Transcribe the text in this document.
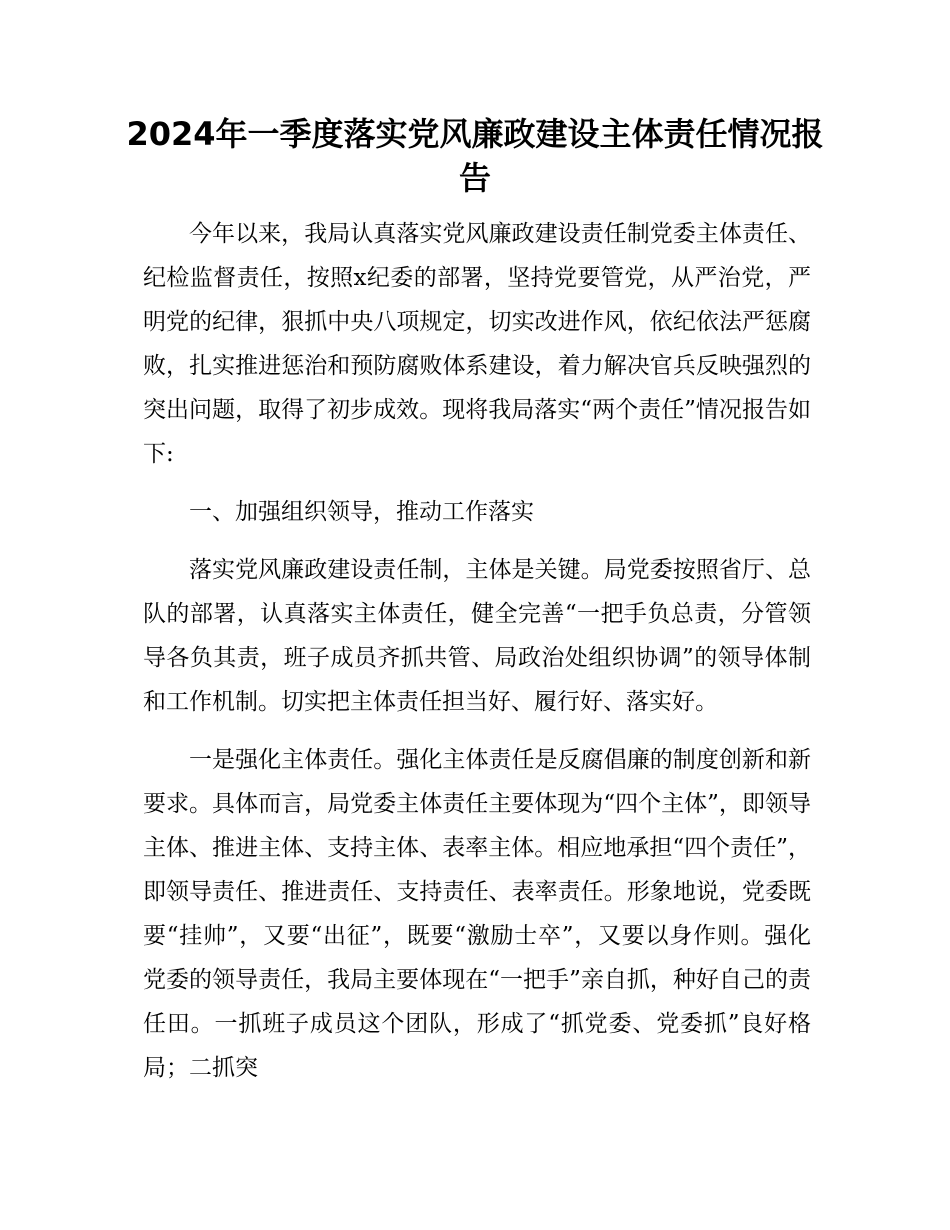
2024年一季度落实党风廉政建设主体责任情况报告

今年以来，我局认真落实党风廉政建设责任制党委主体责任、纪检监督责任，按照x纪委的部署，坚持党要管党，从严治党，严明党的纪律，狠抓中央八项规定，切实改进作风，依纪依法严惩腐败，扎实推进惩治和预防腐败体系建设，着力解决官兵反映强烈的突出问题，取得了初步成效。现将我局落实“两个责任”情况报告如下:

一、加强组织领导，推动工作落实

落实党风廉政建设责任制，主体是关键。局党委按照省厅、总队的部署，认真落实主体责任，健全完善“一把手负总责，分管领导各负其责，班子成员齐抓共管、局政治处组织协调”的领导体制和工作机制。切实把主体责任担当好、履行好、落实好。

一是强化主体责任。强化主体责任是反腐倡廉的制度创新和新要求。具体而言，局党委主体责任主要体现为“四个主体”，即领导主体、推进主体、支持主体、表率主体。相应地承担“四个责任”，即领导责任、推进责任、支持责任、表率责任。形象地说，党委既要“挂帅”，又要“出征”，既要“激励士卒”，又要以身作则。强化党委的领导责任，我局主要体现在“一把手”亲自抓，种好自己的责任田。一抓班子成员这个团队，形成了“抓党委、党委抓”良好格局；二抓突
